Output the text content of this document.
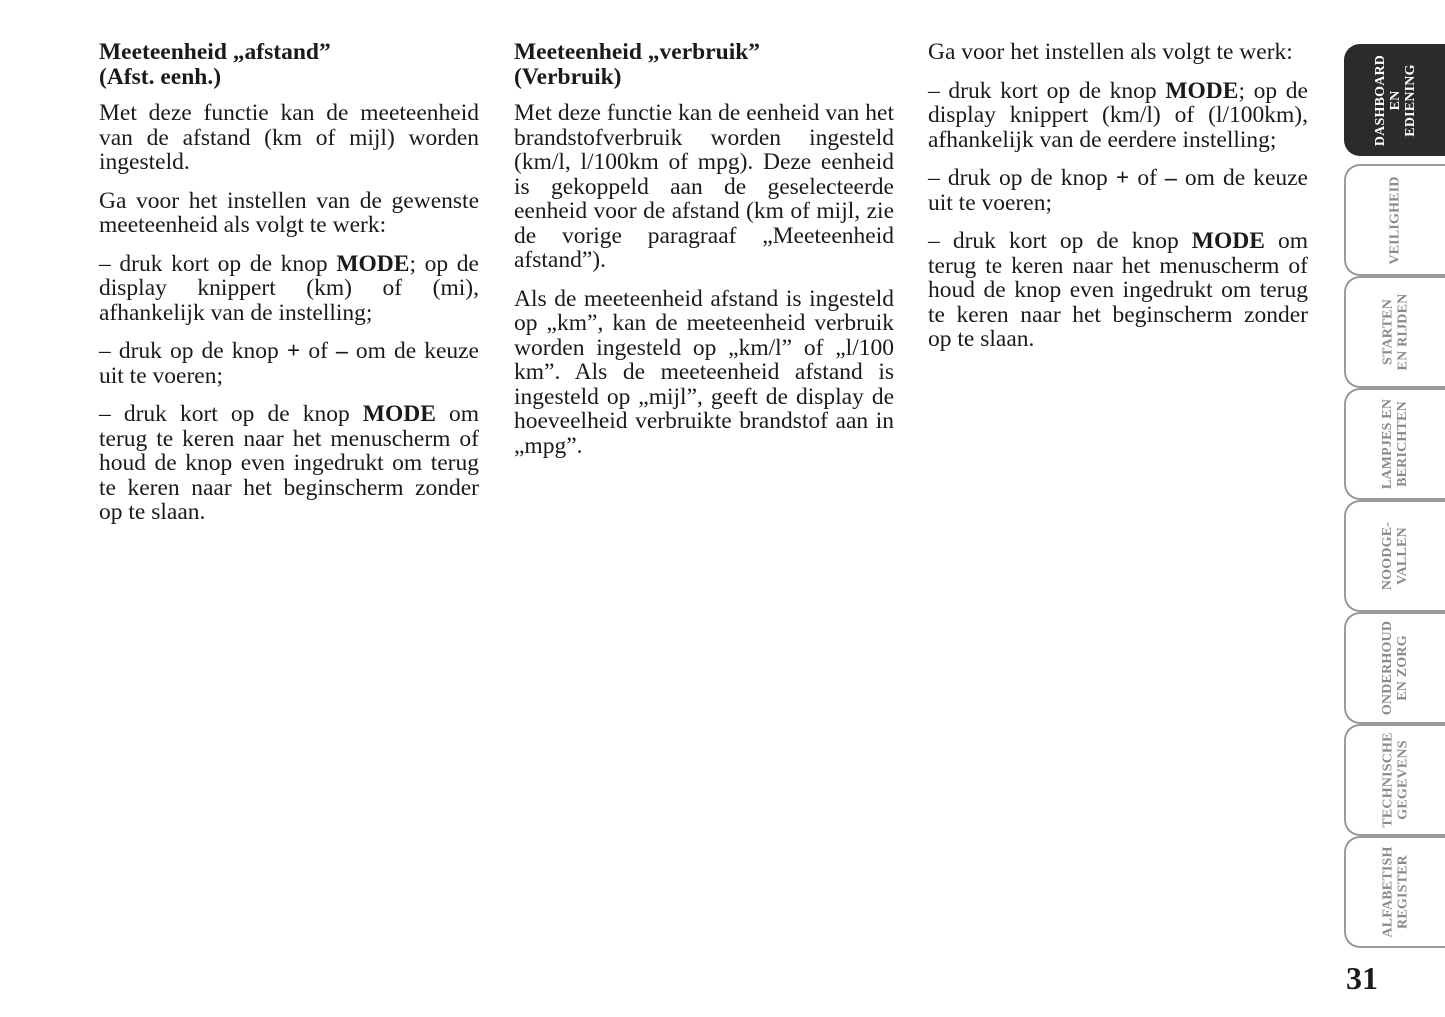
Meeteenheid „afstand”
(Afst. eenh.)

Met deze functie kan de meeteenheid van de afstand (km of mijl) worden ingesteld.

Ga voor het instellen van de gewenste meeteenheid als volgt te werk:

– druk kort op de knop MODE; op de display knippert (km) of (mi), afhankelijk van de instelling;

– druk op de knop + of – om de keuze uit te voeren;

– druk kort op de knop MODE om terug te keren naar het menuscherm of houd de knop even ingedrukt om terug te keren naar het beginscherm zonder op te slaan.

Meeteenheid „verbruik”
(Verbruik)

Met deze functie kan de eenheid van het brandstofverbruik worden ingesteld (km/l, l/100km of mpg). Deze eenheid is gekoppeld aan de geselecteerde eenheid voor de afstand (km of mijl, zie de vorige paragraaf „Meeteenheid afstand”).

Als de meeteenheid afstand is ingesteld op „km”, kan de meeteenheid verbruik worden ingesteld op „km/l” of „l/100 km”. Als de meeteenheid afstand is ingesteld op „mijl”, geeft de display de hoeveelheid verbruikte brandstof aan in „mpg”.

Ga voor het instellen als volgt te werk:

– druk kort op de knop MODE; op de display knippert (km/l) of (l/100km), afhankelijk van de eerdere instelling;

– druk op de knop + of – om de keuze uit te voeren;

– druk kort op de knop MODE om terug te keren naar het menuscherm of houd de knop even ingedrukt om terug te keren naar het beginscherm zonder op te slaan.

DASHBOARD
EN
EDIENING
VEILIGHEID
STARTEN
EN RIJDEN
LAMPJES EN
BERICHTEN
NOODGE-
VALLEN
ONDERHOUD
EN ZORG
TECHNISCHE
GEGEVENS
ALFABETISH
REGISTER
31
